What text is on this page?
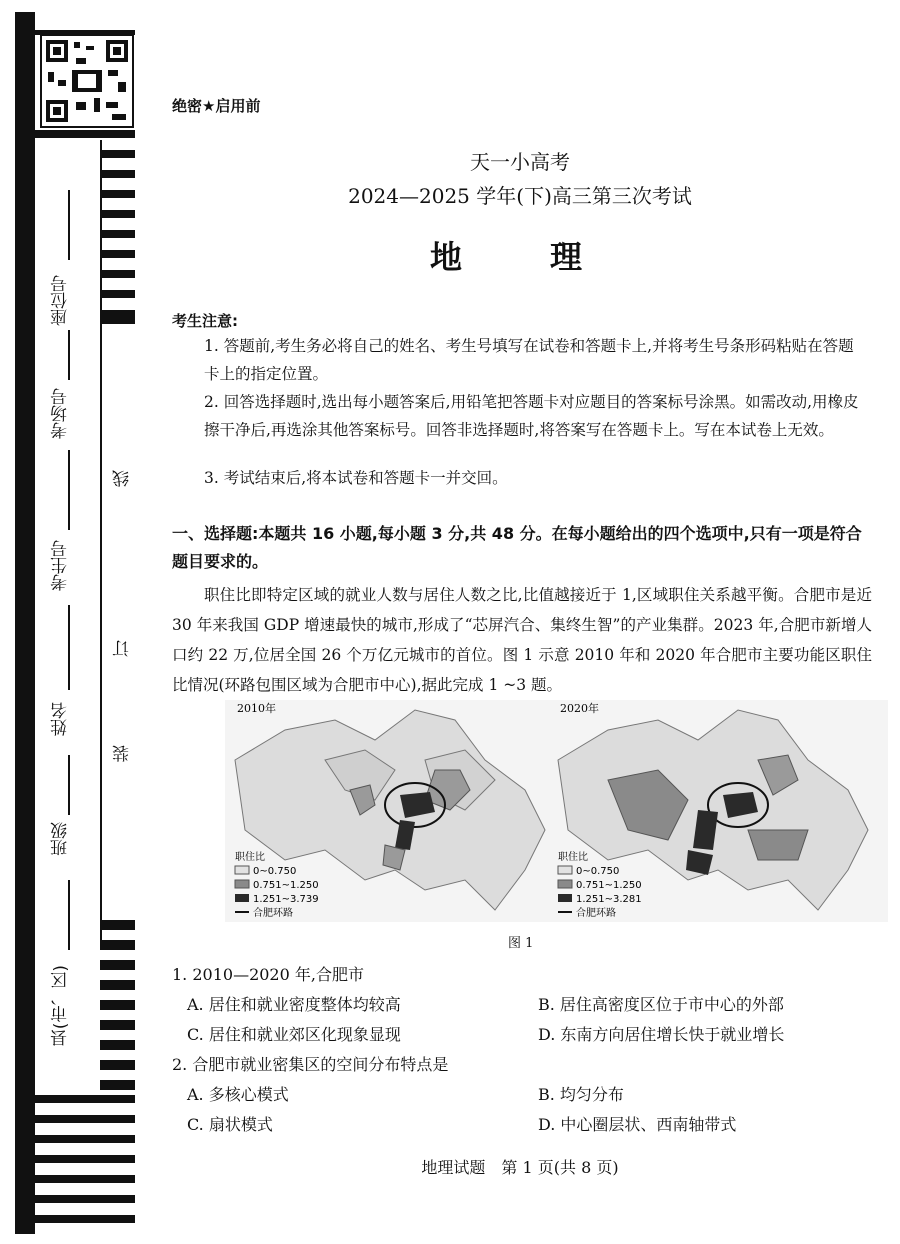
座位号
考场号
考生号
姓名
班级
县(市、区)
线
订
装
绝密★启用前
天一小高考
2024—2025 学年(下)高三第三次考试
地　理
考生注意:
1. 答题前,考生务必将自己的姓名、考生号填写在试卷和答题卡上,并将考生号条形码粘贴在答题卡上的指定位置。
2. 回答选择题时,选出每小题答案后,用铅笔把答题卡对应题目的答案标号涂黑。如需改动,用橡皮擦干净后,再选涂其他答案标号。回答非选择题时,将答案写在答题卡上。写在本试卷上无效。
3. 考试结束后,将本试卷和答题卡一并交回。
一、选择题:本题共 16 小题,每小题 3 分,共 48 分。在每小题给出的四个选项中,只有一项是符合题目要求的。
职住比即特定区域的就业人数与居住人数之比,比值越接近于 1,区域职住关系越平衡。合肥市是近 30 年来我国 GDP 增速最快的城市,形成了“芯屏汽合、集终生智”的产业集群。2023 年,合肥市新增人口约 22 万,位居全国 26 个万亿元城市的首位。图 1 示意 2010 年和 2020 年合肥市主要功能区职住比情况(环路包围区域为合肥市中心),据此完成 1 ~3 题。
2010年
职住比
0~0.750
0.751~1.250
1.251~3.739
合肥环路
2020年
职住比
0~0.750
0.751~1.250
1.251~3.281
合肥环路
图 1
1. 2010—2020 年,合肥市
A. 居住和就业密度整体均较高	B. 居住高密度区位于市中心的外部
C. 居住和就业郊区化现象显现	D. 东南方向居住增长快于就业增长
2. 合肥市就业密集区的空间分布特点是
A. 多核心模式	B. 均匀分布
C. 扇状模式	D. 中心圈层状、西南轴带式
地理试题　第 1 页(共 8 页)
